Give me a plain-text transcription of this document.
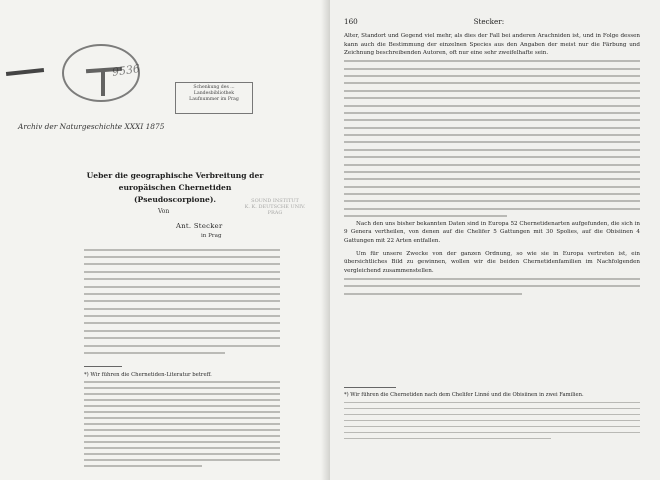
9536
Schenkung des ...
Landesbibliothek
Laufnummer im Prag
Archiv der Naturgeschichte XXXI 1875
Ueber die geographische Verbreitung der europäischen Chernetiden (Pseudoscorpione).
Von
Ant. Stecker
in Prag
SOUND INSTITUT
K. K. DEUTSCHE UNIV.
PRAG

*) Wir führen die Chernetiden-Literatur betreff.

160	Stecker:

Alter, Standort und Gegend viel mehr, als dies der Fall bei anderen Arachniden ist, und in Folge dessen kann auch die Bestimmung der einzelnen Species aus den Angaben der meist nur die Färbung und Zeichnung beschreibenden Autoren, oft nur eine sehr zweifelhafte sein.

Nach den uns bisher bekannten Daten sind in Europa 52 Chernetidenarten aufgefunden, die sich in 9 Genera vertheilen, von denen auf die Chelifer 5 Gattungen mit 30 Spolies, auf die Obisiinen 4 Gattungen mit 22 Arten entfallen.

Um für unsere Zwecke von der ganzen Ordnung, so wie sie in Europa vertreten ist, ein übersichtliches Bild zu gewinnen, wollen wir die beiden Chernetidenfamilien im Nachfolgenden vergleichend zusammenstellen.

*) Wir führen die Chernetiden nach dem Chelifer Linné und die Obisiinen in zwei Familien.
